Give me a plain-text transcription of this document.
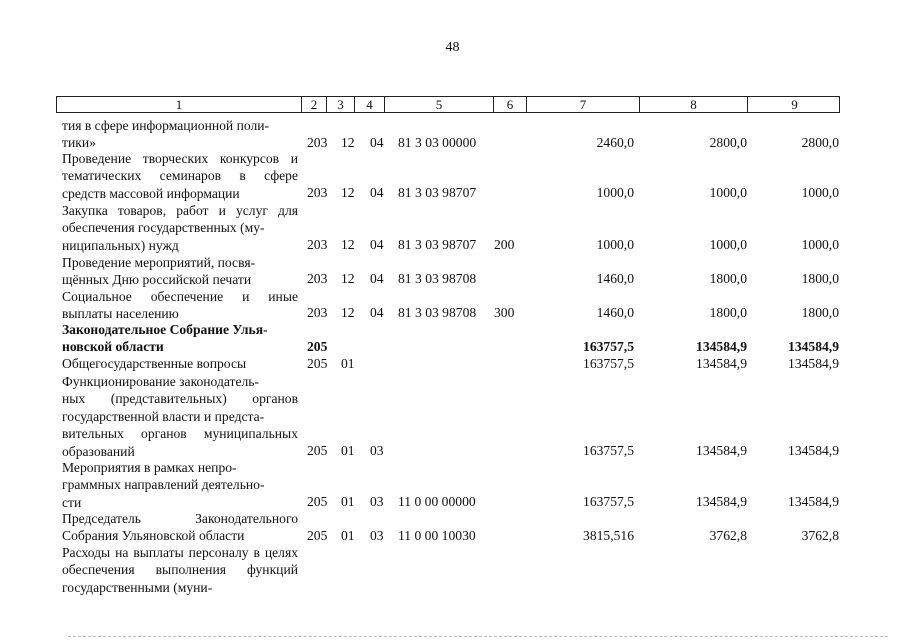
48
1	2	3	4	5	6	7	8	9
тия в сфере информационной поли-
тики»	203 12 04 81 3 03 00000	2460,0	2800,0	2800,0
Проведение творческих конкурсов и тематических семинаров в сфере средств массовой информации	203 12 04 81 3 03 98707	1000,0	1000,0	1000,0
Закупка товаров, работ и услуг для обеспечения государственных (му-
ниципальных) нужд	203 12 04 81 3 03 98707 200	1000,0	1000,0	1000,0
Проведение мероприятий, посвя-
щённых Дню российской печати	203 12 04 81 3 03 98708	1460,0	1800,0	1800,0
Социальное обеспечение и иные выплаты населению	203 12 04 81 3 03 98708 300	1460,0	1800,0	1800,0
Законодательное Собрание Улья-
новской области	205	163757,5	134584,9	134584,9
Общегосударственные вопросы	205 01	163757,5	134584,9	134584,9
Функционирование законодатель-
ных (представительных) органов государственной власти и предста-
вительных органов муниципальных образований	205 01 03	163757,5	134584,9	134584,9
Мероприятия в рамках непро-
граммных направлений деятельно-
сти	205 01 03 11 0 00 00000	163757,5	134584,9	134584,9
Председатель Законодательного Собрания Ульяновской области	205 01 03 11 0 00 10030	3815,516	3762,8	3762,8
Расходы на выплаты персоналу в целях обеспечения выполнения функций государственными (муни-
